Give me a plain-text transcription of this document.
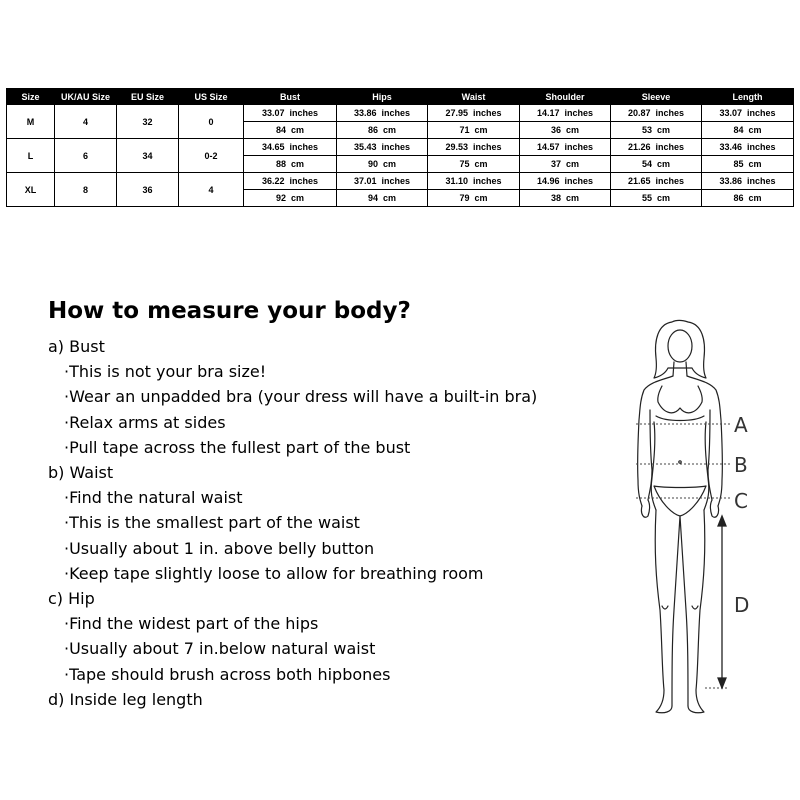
Size	UK/AU Size	EU Size	US Size	Bust	Hips	Waist	Shoulder	Sleeve	Length
M	4	32	0	33.07  inches	33.86  inches	27.95  inches	14.17  inches	20.87  inches	33.07  inches
				84  cm	86  cm	71  cm	36  cm	53  cm	84  cm
L	6	34	0-2	34.65  inches	35.43  inches	29.53  inches	14.57  inches	21.26  inches	33.46  inches
				88  cm	90  cm	75  cm	37  cm	54  cm	85  cm
XL	8	36	4	36.22  inches	37.01  inches	31.10  inches	14.96  inches	21.65  inches	33.86  inches
				92  cm	94  cm	79  cm	38  cm	55  cm	86  cm
How to measure your body?
a) Bust
·This is not your bra size!
·Wear an unpadded bra (your dress will have a built-in bra)
·Relax arms at sides
·Pull tape across the fullest part of the bust
b) Waist
·Find the natural waist
·This is the smallest part of the waist
·Usually about 1 in. above belly button
·Keep tape slightly loose to allow for breathing room
c) Hip
·Find the widest part of the hips
·Usually about 7 in.below natural waist
·Tape should brush across both hipbones
d) Inside leg length
A
B
C
D
